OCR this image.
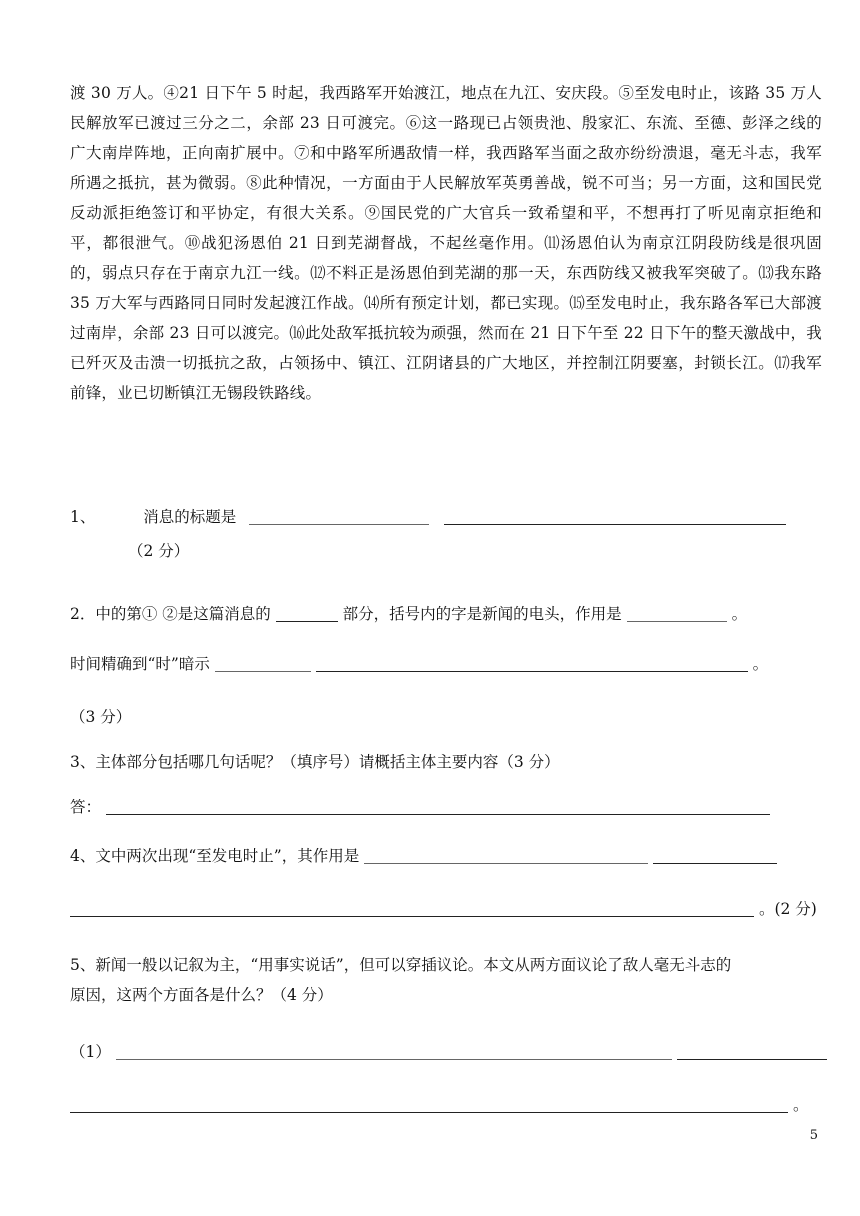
渡 30 万人。④21 日下午 5 时起，我西路军开始渡江，地点在九江、安庆段。⑤至发电时止，该路 35 万人民解放军已渡过三分之二，余部 23 日可渡完。⑥这一路现已占领贵池、殷家汇、东流、至德、彭泽之线的广大南岸阵地，正向南扩展中。⑦和中路军所遇敌情一样，我西路军当面之敌亦纷纷溃退，毫无斗志，我军所遇之抵抗，甚为微弱。⑧此种情况，一方面由于人民解放军英勇善战，锐不可当；另一方面，这和国民党反动派拒绝签订和平协定，有很大关系。⑨国民党的广大官兵一致希望和平，不想再打了听见南京拒绝和平，都很泄气。⑩战犯汤恩伯 21 日到芜湖督战，不起丝毫作用。⑾汤恩伯认为南京江阴段防线是很巩固的，弱点只存在于南京九江一线。⑿不料正是汤恩伯到芜湖的那一天，东西防线又被我军突破了。⒀我东路 35 万大军与西路同日同时发起渡江作战。⒁所有预定计划，都已实现。⒂至发电时止，我东路各军已大部渡过南岸，余部 23 日可以渡完。⒃此处敌军抵抗较为顽强，然而在 21 日下午至 22 日下午的整天激战中，我已歼灭及击溃一切抵抗之敌，占领扬中、镇江、江阴诸县的广大地区，并控制江阴要塞，封锁长江。⒄我军前锋，业已切断镇江无锡段铁路线。
1、	消息的标题是
（2 分）
2．中的第① ②是这篇消息的	部分，括号内的字是新闻的电头，作用是	。
时间精确到“时”暗示	。
（3 分）
3、主体部分包括哪几句话呢？（填序号）请概括主体主要内容（3 分）
答：
4、文中两次出现“至发电时止”，其作用是
。(2 分)
5、新闻一般以记叙为主，“用事实说话”，但可以穿插议论。本文从两方面议论了敌人毫无斗志的
原因，这两个方面各是什么？（4 分）
（1）
。
5
